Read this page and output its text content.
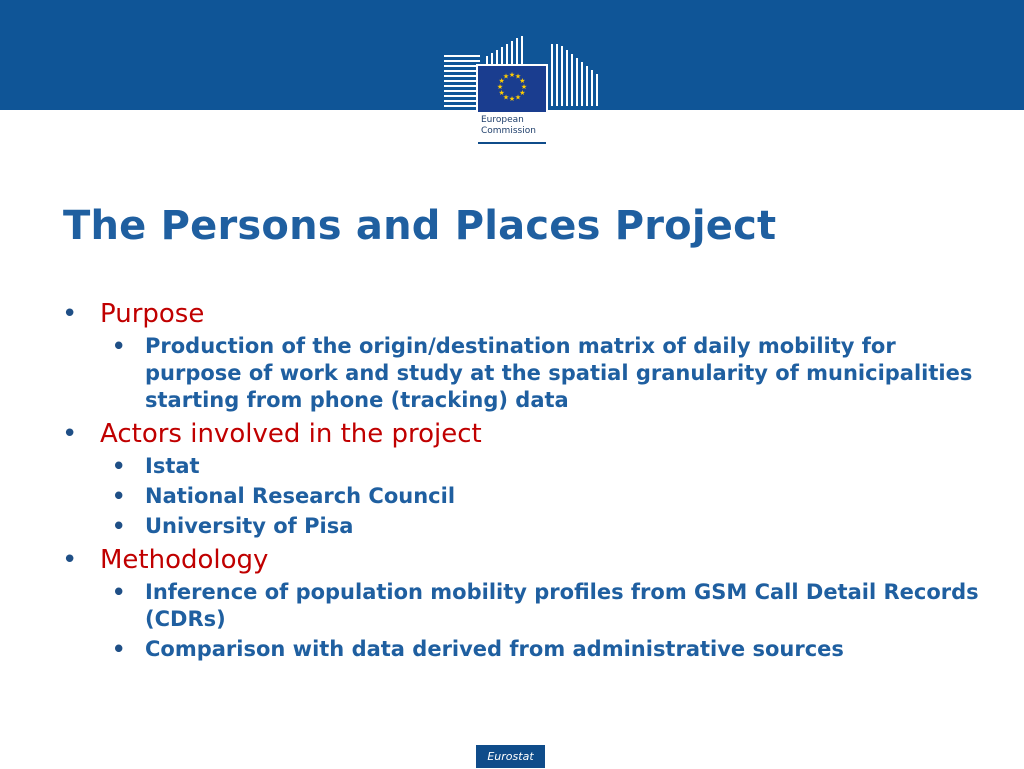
★ ★
★
★
★
★
★
★
★
★
★
★
European
Commission
The Persons and Places Project
• Purpose
• Production of the origin/destination matrix of daily mobility for purpose of work and study at the spatial granularity of municipalities starting from phone (tracking) data
• Actors involved in the project
• Istat
• National Research Council
• University of Pisa
• Methodology
• Inference of population mobility profiles from GSM Call Detail Records (CDRs)
• Comparison with data derived from administrative sources
Eurostat
